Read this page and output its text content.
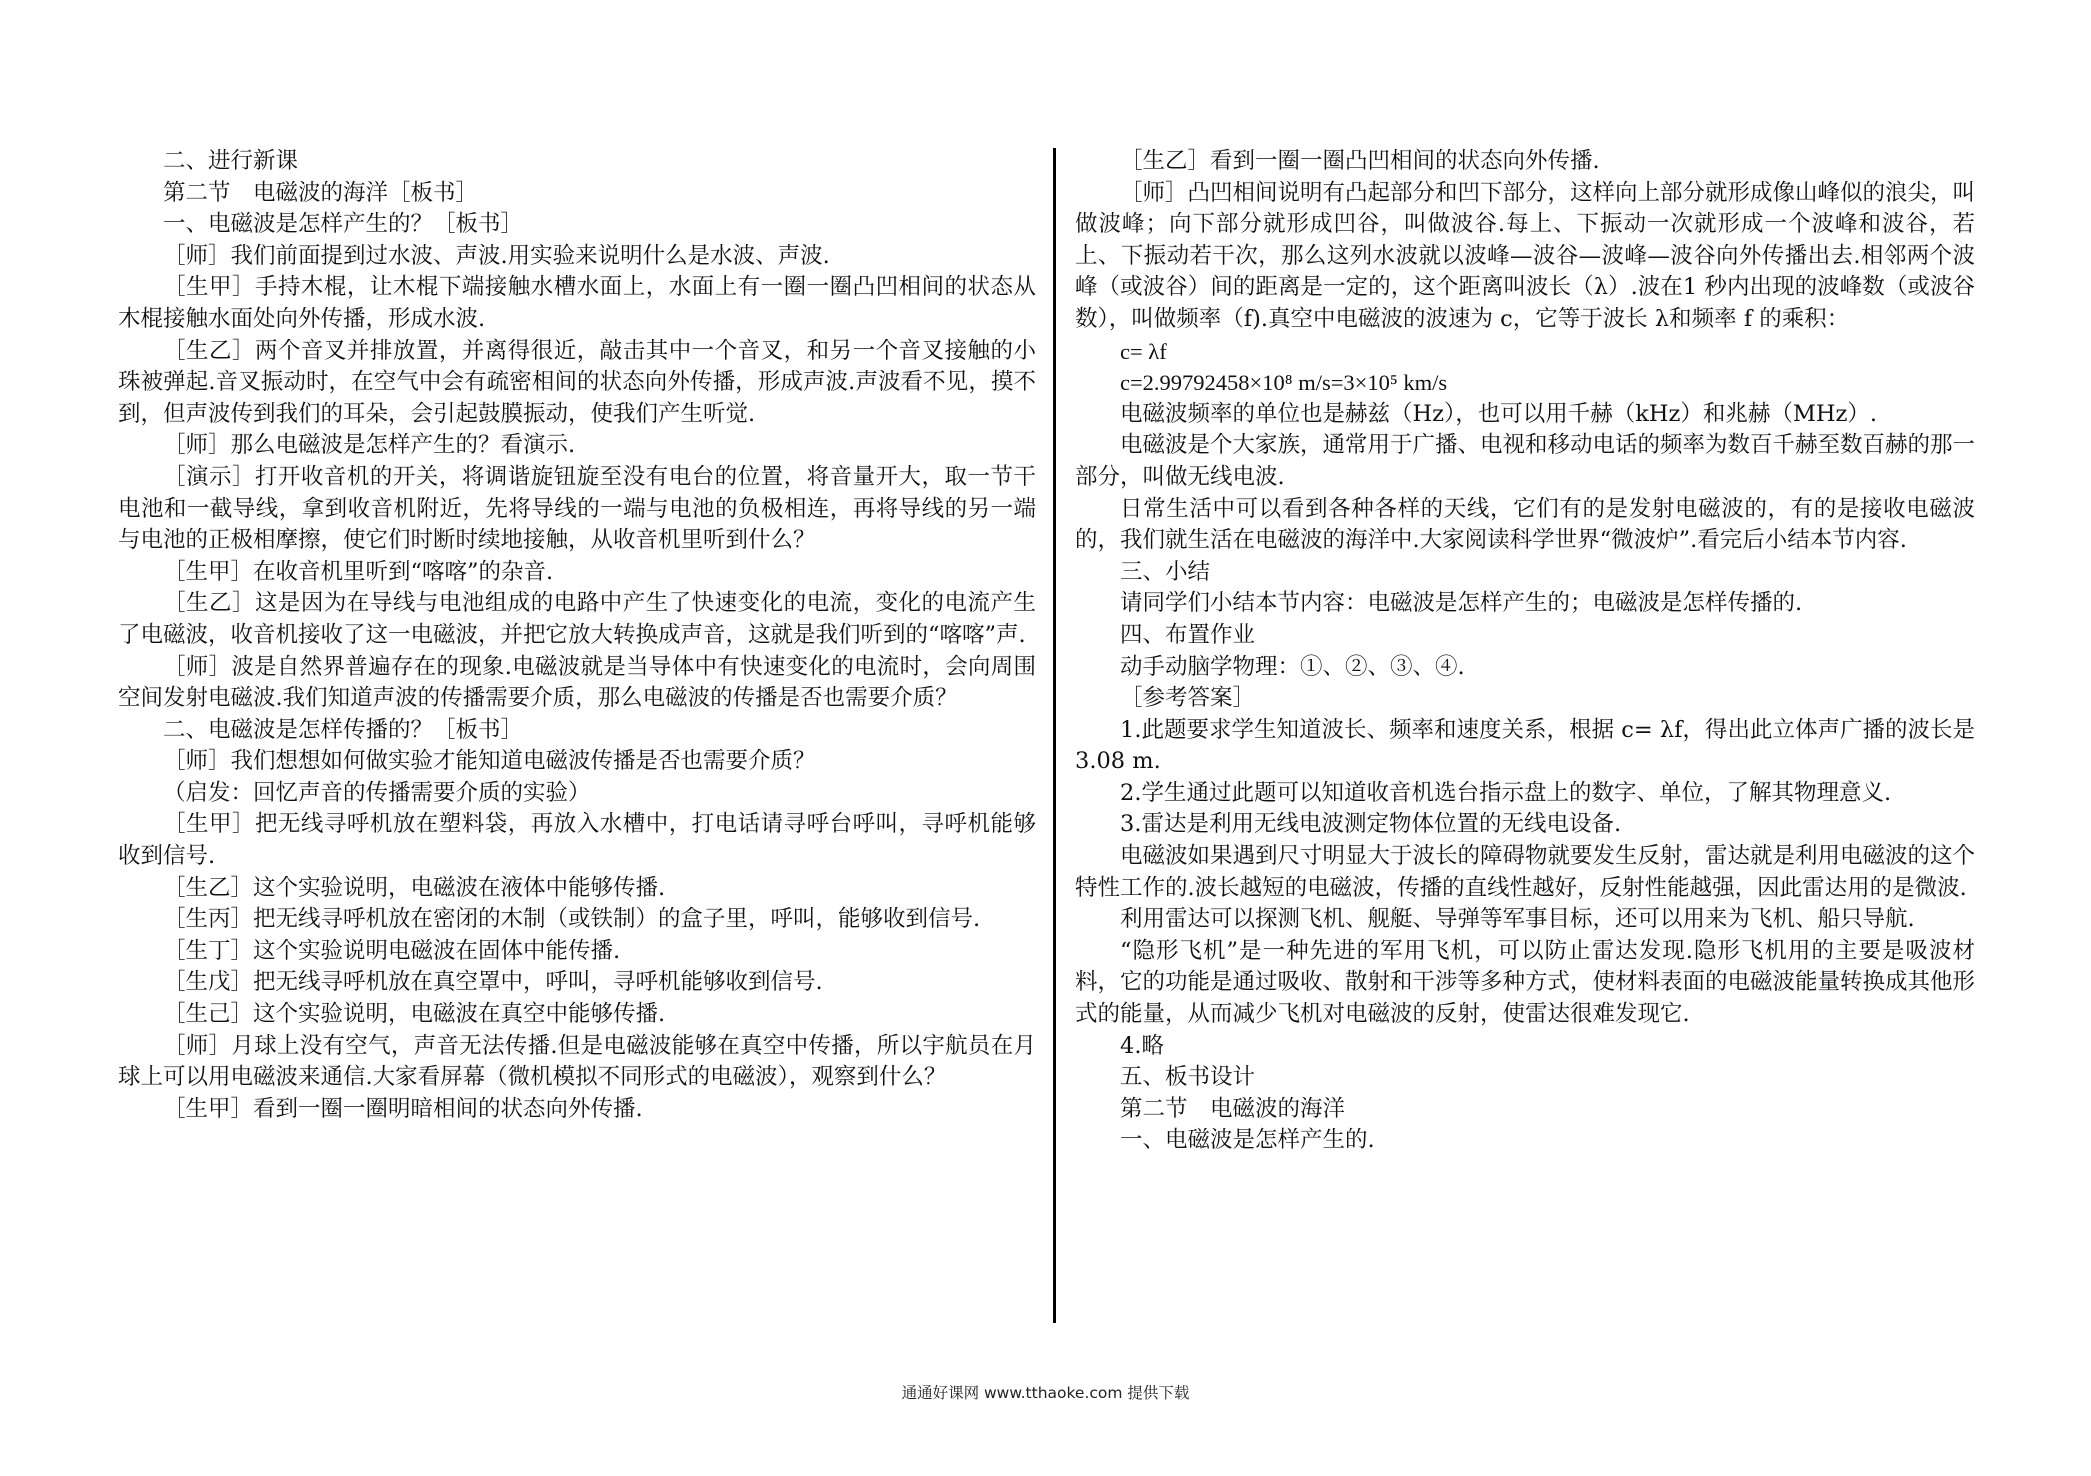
二、进行新课

第二节　电磁波的海洋［板书］

一、电磁波是怎样产生的？［板书］

［师］我们前面提到过水波、声波.用实验来说明什么是水波、声波.

［生甲］手持木棍，让木棍下端接触水槽水面上，水面上有一圈一圈凸凹相间的状态从木棍接触水面处向外传播，形成水波.

［生乙］两个音叉并排放置，并离得很近，敲击其中一个音叉，和另一个音叉接触的小珠被弹起.音叉振动时，在空气中会有疏密相间的状态向外传播，形成声波.声波看不见，摸不到，但声波传到我们的耳朵，会引起鼓膜振动，使我们产生听觉.

［师］那么电磁波是怎样产生的？看演示.

［演示］打开收音机的开关，将调谐旋钮旋至没有电台的位置，将音量开大，取一节干电池和一截导线，拿到收音机附近，先将导线的一端与电池的负极相连，再将导线的另一端与电池的正极相摩擦，使它们时断时续地接触，从收音机里听到什么？

［生甲］在收音机里听到“喀喀”的杂音.

［生乙］这是因为在导线与电池组成的电路中产生了快速变化的电流，变化的电流产生了电磁波，收音机接收了这一电磁波，并把它放大转换成声音，这就是我们听到的“喀喀”声.

［师］波是自然界普遍存在的现象.电磁波就是当导体中有快速变化的电流时，会向周围空间发射电磁波.我们知道声波的传播需要介质，那么电磁波的传播是否也需要介质？

二、电磁波是怎样传播的？［板书］

［师］我们想想如何做实验才能知道电磁波传播是否也需要介质？

（启发：回忆声音的传播需要介质的实验）

［生甲］把无线寻呼机放在塑料袋，再放入水槽中，打电话请寻呼台呼叫，寻呼机能够收到信号.

［生乙］这个实验说明，电磁波在液体中能够传播.

［生丙］把无线寻呼机放在密闭的木制（或铁制）的盒子里，呼叫，能够收到信号.

［生丁］这个实验说明电磁波在固体中能传播.

［生戊］把无线寻呼机放在真空罩中，呼叫，寻呼机能够收到信号.

［生己］这个实验说明，电磁波在真空中能够传播.

［师］月球上没有空气，声音无法传播.但是电磁波能够在真空中传播，所以宇航员在月球上可以用电磁波来通信.大家看屏幕（微机模拟不同形式的电磁波），观察到什么？

［生甲］看到一圈一圈明暗相间的状态向外传播.

［生乙］看到一圈一圈凸凹相间的状态向外传播.

［师］凸凹相间说明有凸起部分和凹下部分，这样向上部分就形成像山峰似的浪尖，叫做波峰；向下部分就形成凹谷，叫做波谷.每上、下振动一次就形成一个波峰和波谷，若上、下振动若干次，那么这列水波就以波峰—波谷—波峰—波谷向外传播出去.相邻两个波峰（或波谷）间的距离是一定的，这个距离叫波长（λ）.波在1 秒内出现的波峰数（或波谷数），叫做频率（f).真空中电磁波的波速为 c，它等于波长 λ和频率 f 的乘积：

c= λf

c=2.99792458×10⁸ m/s=3×10⁵ km/s

电磁波频率的单位也是赫兹（Hz），也可以用千赫（kHz）和兆赫（MHz）.

电磁波是个大家族，通常用于广播、电视和移动电话的频率为数百千赫至数百赫的那一部分，叫做无线电波.

日常生活中可以看到各种各样的天线，它们有的是发射电磁波的，有的是接收电磁波的，我们就生活在电磁波的海洋中.大家阅读科学世界“微波炉”.看完后小结本节内容.

三、小结

请同学们小结本节内容：电磁波是怎样产生的；电磁波是怎样传播的.

四、布置作业

动手动脑学物理：①、②、③、④.

［参考答案］

1.此题要求学生知道波长、频率和速度关系，根据 c= λf，得出此立体声广播的波长是 3.08 m.

2.学生通过此题可以知道收音机选台指示盘上的数字、单位，了解其物理意义.

3.雷达是利用无线电波测定物体位置的无线电设备.

电磁波如果遇到尺寸明显大于波长的障碍物就要发生反射，雷达就是利用电磁波的这个特性工作的.波长越短的电磁波，传播的直线性越好，反射性能越强，因此雷达用的是微波.

利用雷达可以探测飞机、舰艇、导弹等军事目标，还可以用来为飞机、船只导航.

“隐形飞机”是一种先进的军用飞机，可以防止雷达发现.隐形飞机用的主要是吸波材料，它的功能是通过吸收、散射和干涉等多种方式，使材料表面的电磁波能量转换成其他形式的能量，从而减少飞机对电磁波的反射，使雷达很难发现它.

4.略

五、板书设计

第二节　电磁波的海洋

一、电磁波是怎样产生的.

通通好课网 www.tthaoke.com 提供下载
